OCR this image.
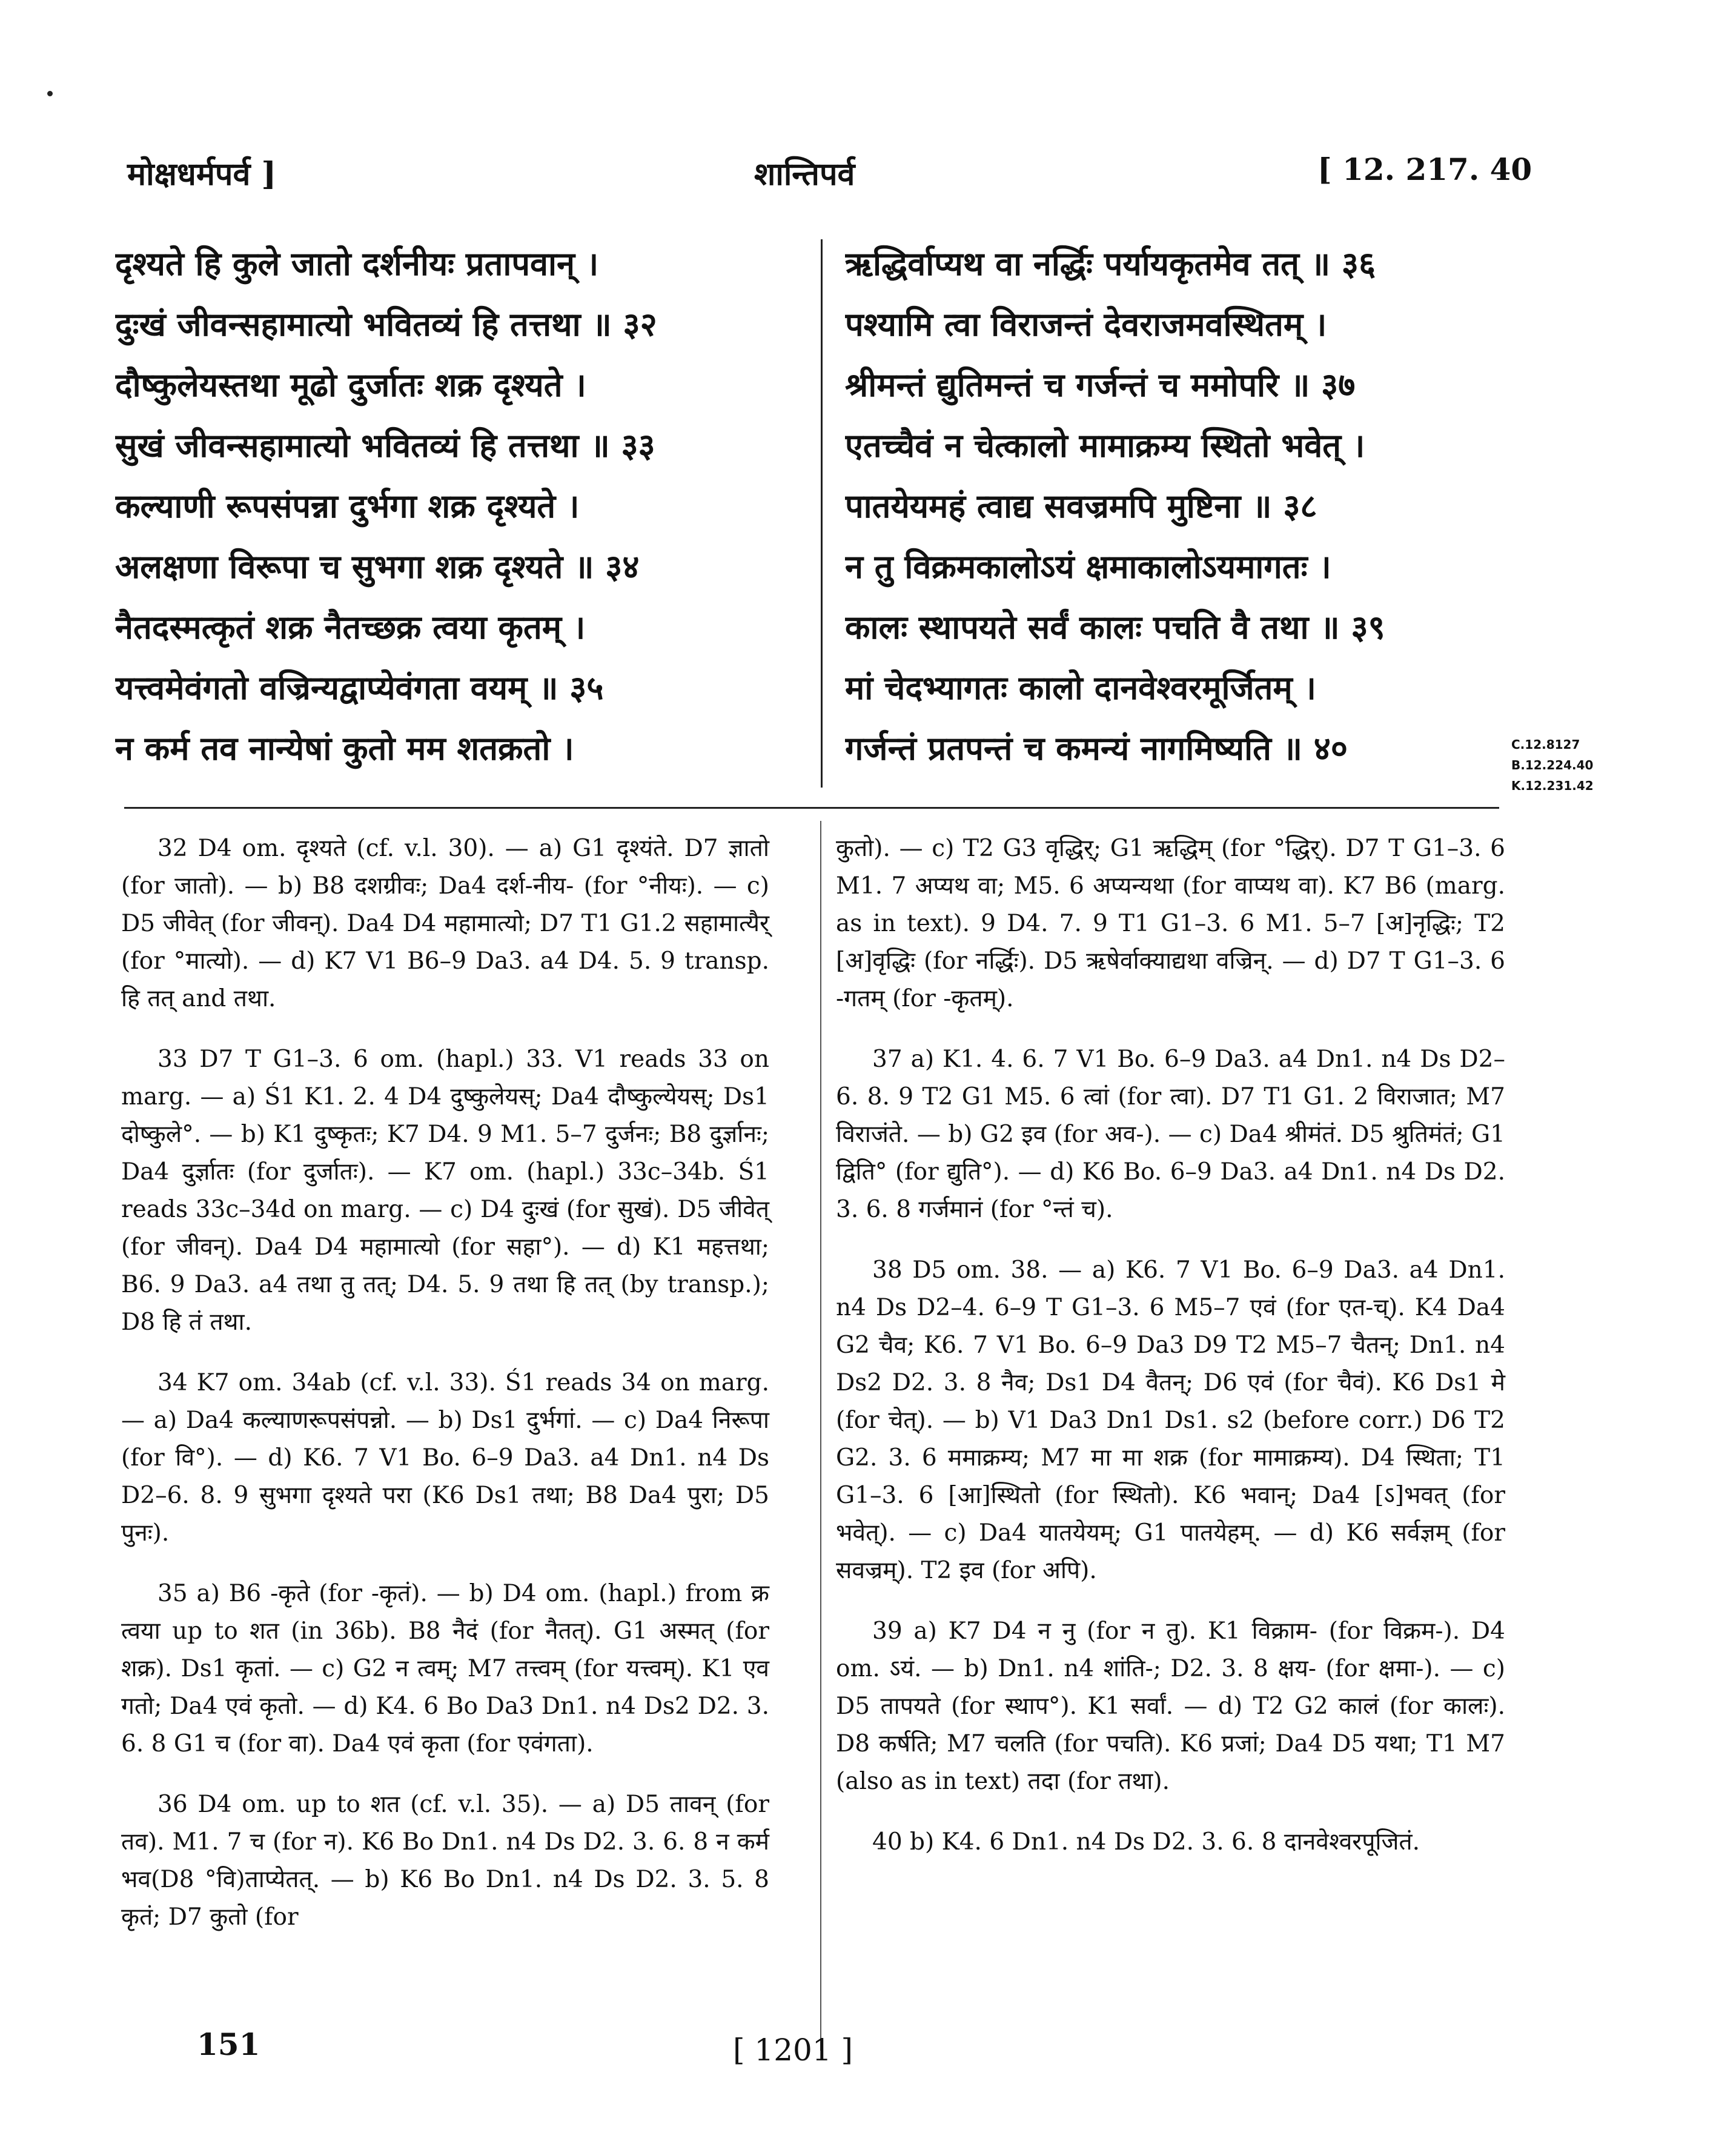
मोक्षधर्मपर्व ]	शान्तिपर्व	[ 12. 217. 40
दृश्यते हि कुले जातो दर्शनीयः प्रतापवान् ।
दुःखं जीवन्सहामात्यो भवितव्यं हि तत्तथा ॥ ३२
दौष्कुलेयस्तथा मूढो दुर्जातः शक्र दृश्यते ।
सुखं जीवन्सहामात्यो भवितव्यं हि तत्तथा ॥ ३३
कल्याणी रूपसंपन्ना दुर्भगा शक्र दृश्यते ।
अलक्षणा विरूपा च सुभगा शक्र दृश्यते ॥ ३४
नैतदस्मत्कृतं शक्र नैतच्छक्र त्वया कृतम् ।
यत्त्वमेवंगतो वज्रिन्यद्वाप्येवंगता वयम् ॥ ३५
न कर्म तव नान्येषां कुतो मम शतक्रतो ।
ऋद्धिर्वाप्यथ वा नर्द्धिः पर्यायकृतमेव तत् ॥ ३६
पश्यामि त्वा विराजन्तं देवराजमवस्थितम् ।
श्रीमन्तं द्युतिमन्तं च गर्जन्तं च ममोपरि ॥ ३७
एतच्चैवं न चेत्कालो मामाक्रम्य स्थितो भवेत् ।
पातयेयमहं त्वाद्य सवज्रमपि मुष्टिना ॥ ३८
न तु विक्रमकालोऽयं क्षमाकालोऽयमागतः ।
कालः स्थापयते सर्वं कालः पचति वै तथा ॥ ३९
मां चेदभ्यागतः कालो दानवेश्वरमूर्जितम् ।
गर्जन्तं प्रतपन्तं च कमन्यं नागमिष्यति ॥ ४०	C.12.8127
B.12.224.40
K.12.231.42

32 D4 om. दृश्यते (cf. v.l. 30). — a) G1 दृश्यंते. D7 ज्ञातो (for जातो). — b) B8 दशग्रीवः; Da4 दर्श-नीय- (for °नीयः). — c) D5 जीवेत् (for जीवन्). Da4 D4 महामात्यो; D7 T1 G1.2 सहामात्यैर् (for °मात्यो). — d) K7 V1 B6–9 Da3. a4 D4. 5. 9 transp. हि तत् and तथा.

33 D7 T G1–3. 6 om. (hapl.) 33. V1 reads 33 on marg. — a) Ś1 K1. 2. 4 D4 दुष्कुलेयस्; Da4 दौष्कुल्येयस्; Ds1 दोष्कुले°. — b) K1 दुष्कृतः; K7 D4. 9 M1. 5–7 दुर्जनः; B8 दुर्ज्ञानः; Da4 दुर्ज्ञातः (for दुर्जातः). — K7 om. (hapl.) 33c–34b. Ś1 reads 33c–34d on marg. — c) D4 दुःखं (for सुखं). D5 जीवेत् (for जीवन्). Da4 D4 महामात्यो (for सहा°). — d) K1 महत्तथा; B6. 9 Da3. a4 तथा तु तत्; D4. 5. 9 तथा हि तत् (by transp.); D8 हि तं तथा.

34 K7 om. 34ab (cf. v.l. 33). Ś1 reads 34 on marg. — a) Da4 कल्याणरूपसंपन्नो. — b) Ds1 दुर्भगां. — c) Da4 निरूपा (for वि°). — d) K6. 7 V1 Bo. 6–9 Da3. a4 Dn1. n4 Ds D2–6. 8. 9 सुभगा दृश्यते परा (K6 Ds1 तथा; B8 Da4 पुरा; D5 पुनः).

35 a) B6 -कृते (for -कृतं). — b) D4 om. (hapl.) from क्र त्वया up to शत (in 36b). B8 नैदं (for नैतत्). G1 अस्मत् (for शक्र). Ds1 कृतां. — c) G2 न त्वम्; M7 तत्त्वम् (for यत्त्वम्). K1 एव गतो; Da4 एवं कृतो. — d) K4. 6 Bo Da3 Dn1. n4 Ds2 D2. 3. 6. 8 G1 च (for वा). Da4 एवं कृता (for एवंगता).

36 D4 om. up to शत (cf. v.l. 35). — a) D5 तावन् (for तव). M1. 7 च (for न). K6 Bo Dn1. n4 Ds D2. 3. 6. 8 न कर्म भव(D8 °वि)ताप्येतत्. — b) K6 Bo Dn1. n4 Ds D2. 3. 5. 8 कृतं; D7 कुतो (for

कुतो). — c) T2 G3 वृद्धिर्; G1 ऋद्धिम् (for °द्धिर्). D7 T G1–3. 6 M1. 7 अप्यथ वा; M5. 6 अप्यन्यथा (for वाप्यथ वा). K7 B6 (marg. as in text). 9 D4. 7. 9 T1 G1–3. 6 M1. 5–7 [अ]नृद्धिः; T2 [अ]वृद्धिः (for नर्द्धिः). D5 ऋषेर्वाक्याद्यथा वज्रिन्. — d) D7 T G1–3. 6 -गतम् (for -कृतम्).

37 a) K1. 4. 6. 7 V1 Bo. 6–9 Da3. a4 Dn1. n4 Ds D2–6. 8. 9 T2 G1 M5. 6 त्वां (for त्वा). D7 T1 G1. 2 विराजात; M7 विराजंते. — b) G2 इव (for अव-). — c) Da4 श्रीमंतं. D5 श्रुतिमंतं; G1 द्विति° (for द्युति°). — d) K6 Bo. 6–9 Da3. a4 Dn1. n4 Ds D2. 3. 6. 8 गर्जमानं (for °न्तं च).

38 D5 om. 38. — a) K6. 7 V1 Bo. 6–9 Da3. a4 Dn1. n4 Ds D2–4. 6–9 T G1–3. 6 M5–7 एवं (for एत-च्). K4 Da4 G2 चैव; K6. 7 V1 Bo. 6–9 Da3 D9 T2 M5–7 चैतन्; Dn1. n4 Ds2 D2. 3. 8 नैव; Ds1 D4 वैतन्; D6 एवं (for चैवं). K6 Ds1 मे (for चेत्). — b) V1 Da3 Dn1 Ds1. s2 (before corr.) D6 T2 G2. 3. 6 ममाक्रम्य; M7 मा मा शक्र (for मामाक्रम्य). D4 स्थिता; T1 G1–3. 6 [आ]स्थितो (for स्थितो). K6 भवान्; Da4 [ऽ]भवत् (for भवेत्). — c) Da4 यातयेयम्; G1 पातयेहम्. — d) K6 सर्वज्ञम् (for सवज्रम्). T2 इव (for अपि).

39 a) K7 D4 न नु (for न तु). K1 विक्राम- (for विक्रम-). D4 om. ऽयं. — b) Dn1. n4 शांति-; D2. 3. 8 क्षय- (for क्षमा-). — c) D5 तापयते (for स्थाप°). K1 सर्वां. — d) T2 G2 कालं (for कालः). D8 कर्षति; M7 चलति (for पचति). K6 प्रजां; Da4 D5 यथा; T1 M7 (also as in text) तदा (for तथा).

40 b) K4. 6 Dn1. n4 Ds D2. 3. 6. 8 दानवेश्वरपूजितं.

151	[ 1201 ]
